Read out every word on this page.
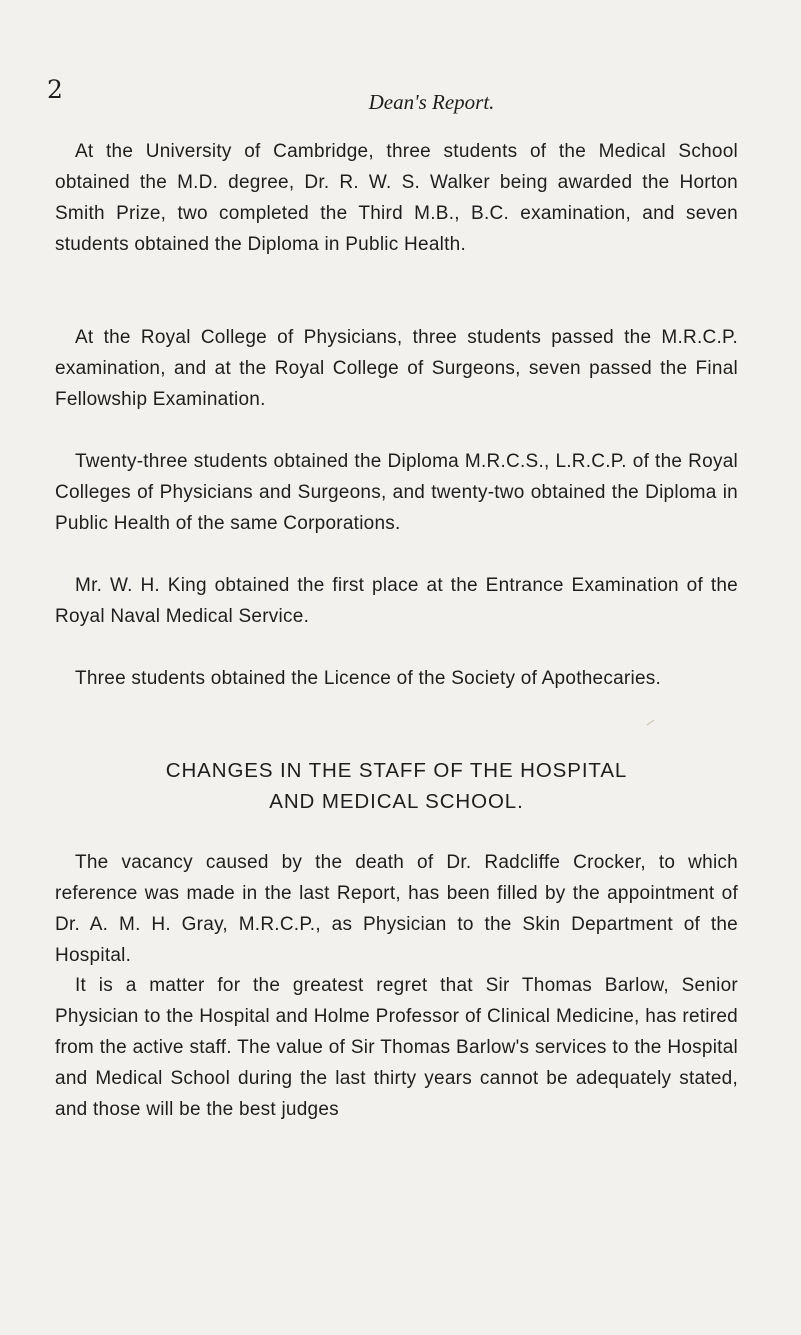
2	Dean's Report.

At the University of Cambridge, three students of the Medical School obtained the M.D. degree, Dr. R. W. S. Walker being awarded the Horton Smith Prize, two completed the Third M.B., B.C. examination, and seven students obtained the Diploma in Public Health.

At the Royal College of Physicians, three students passed the M.R.C.P. examination, and at the Royal College of Surgeons, seven passed the Final Fellowship Examination.

Twenty-three students obtained the Diploma M.R.C.S., L.R.C.P. of the Royal Colleges of Physicians and Surgeons, and twenty-two obtained the Diploma in Public Health of the same Corporations.

Mr. W. H. King obtained the first place at the Entrance Examination of the Royal Naval Medical Service.

Three students obtained the Licence of the Society of Apothecaries.

CHANGES IN THE STAFF OF THE HOSPITAL

AND MEDICAL SCHOOL.

The vacancy caused by the death of Dr. Radcliffe Crocker, to which reference was made in the last Report, has been filled by the appointment of Dr. A. M. H. Gray, M.R.C.P., as Physician to the Skin Department of the Hospital.

It is a matter for the greatest regret that Sir Thomas Barlow, Senior Physician to the Hospital and Holme Professor of Clinical Medicine, has retired from the active staff. The value of Sir Thomas Barlow's services to the Hospital and Medical School during the last thirty years cannot be adequately stated, and those will be the best judges
